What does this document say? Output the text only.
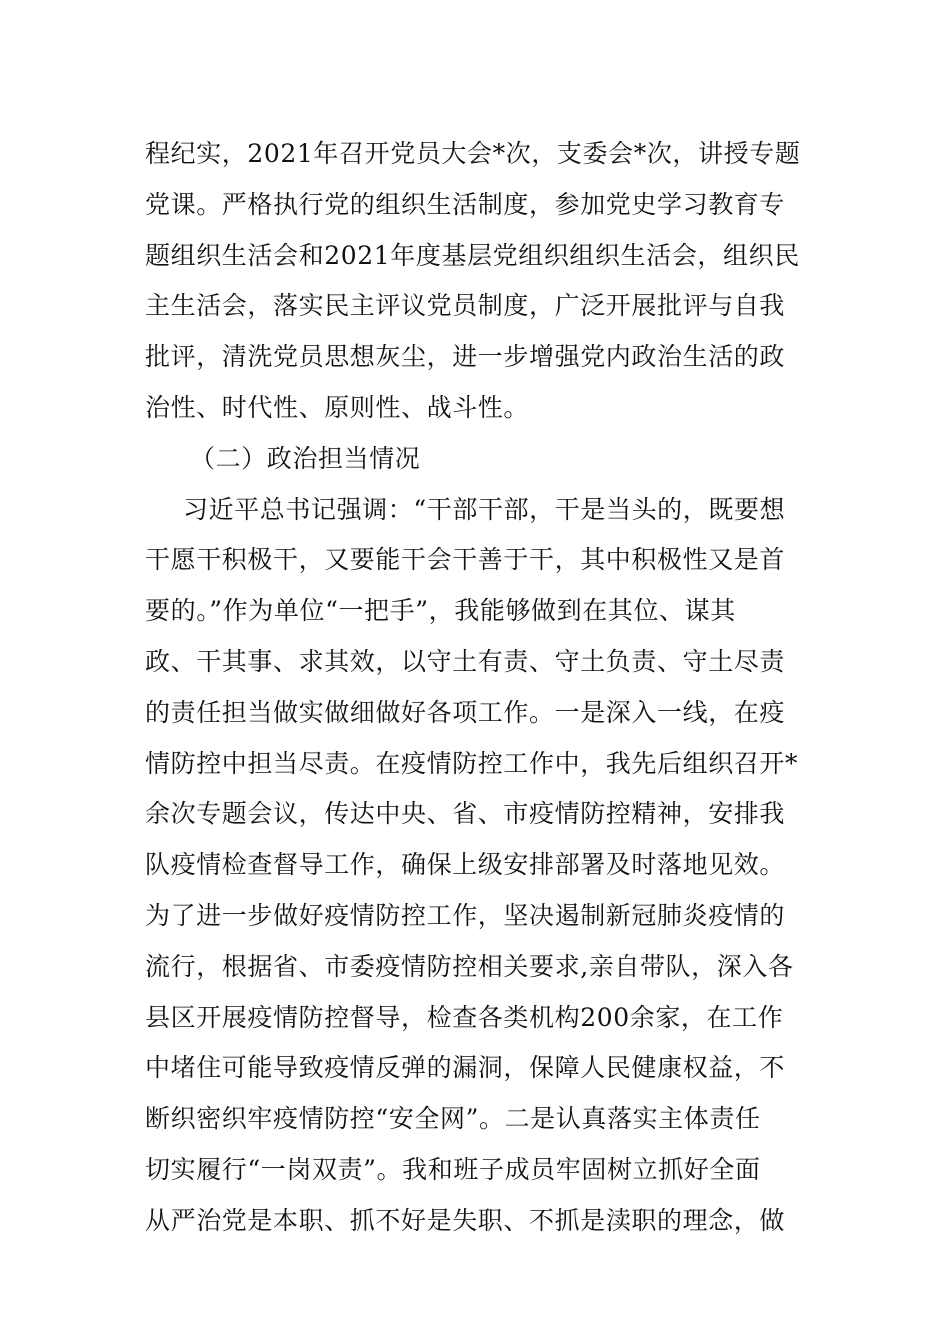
程纪实，2021年召开党员大会*次，支委会*次，讲授专题
党课。严格执行党的组织生活制度，参加党史学习教育专
题组织生活会和2021年度基层党组织组织生活会，组织民
主生活会，落实民主评议党员制度，广泛开展批评与自我
批评，清洗党员思想灰尘，进一步增强党内政治生活的政
治性、时代性、原则性、战斗性。
（二）政治担当情况
习近平总书记强调：“干部干部，干是当头的，既要想
干愿干积极干，又要能干会干善于干，其中积极性又是首
要的。”作为单位“一把手”，我能够做到在其位、谋其
政、干其事、求其效，以守土有责、守土负责、守土尽责
的责任担当做实做细做好各项工作。一是深入一线，在疫
情防控中担当尽责。在疫情防控工作中，我先后组织召开*
余次专题会议，传达中央、省、市疫情防控精神，安排我
队疫情检查督导工作，确保上级安排部署及时落地见效。
为了进一步做好疫情防控工作，坚决遏制新冠肺炎疫情的
流行，根据省、市委疫情防控相关要求,亲自带队，深入各
县区开展疫情防控督导，检查各类机构200余家，在工作
中堵住可能导致疫情反弹的漏洞，保障人民健康权益，不
断织密织牢疫情防控“安全网”。二是认真落实主体责任
切实履行“一岗双责”。我和班子成员牢固树立抓好全面
从严治党是本职、抓不好是失职、不抓是渎职的理念，做
